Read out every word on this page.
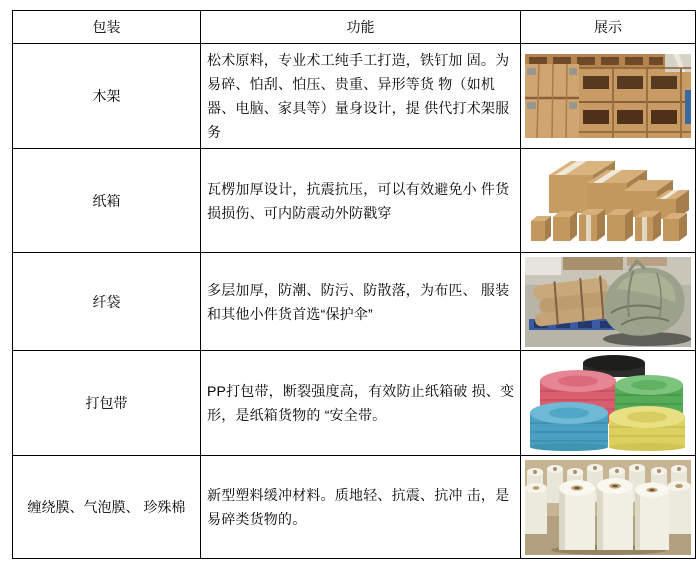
包装	功能	展示
木架	松术原料，专业术工纯手工打造，铁钉加 固。为易碎、怕刮、怕压、贵重、异形等货 物（如机器、电脑、家具等）量身设计，提 供代打术架服务	

纸箱	瓦楞加厚设计，抗震抗压，可以有效避免小 件货损损伤、可内防震动外防戳穿	

纤袋	多层加厚，防潮、防污、防散落，为布匹、 服装和其他小件货首选“保护伞”	

打包带	PP打包带，断裂强度高，有效防止纸箱破 损、变形，是纸箱货物的 “安全带。	

缠绕膜、气泡膜、 珍殊棉	新型塑料缓冲材料。质地轻、抗震、抗冲 击，是易碎类货物的。	
